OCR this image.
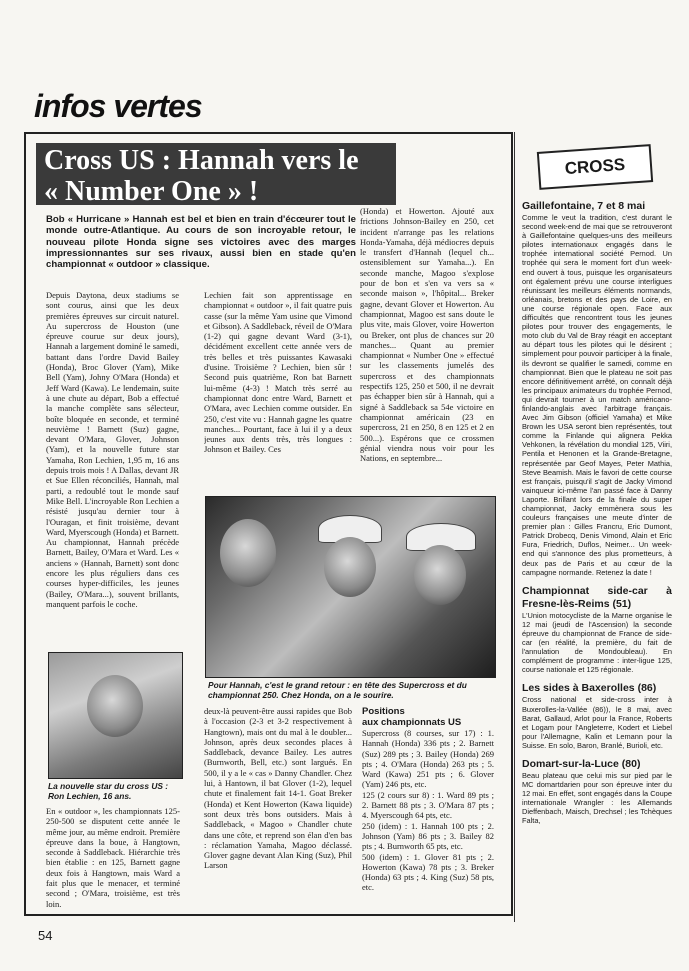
infos vertes
Cross US : Hannah vers le
« Number One » !
Bob « Hurricane » Hannah est bel et bien en train d'écœurer tout le monde outre-Atlantique. Au cours de son incroyable retour, le nouveau pilote Honda signe ses victoires avec des marges impressionnantes sur ses rivaux, aussi bien en stade qu'en championnat « outdoor » classique.
Depuis Daytona, deux stadiums se sont courus, ainsi que les deux premières épreuves sur circuit naturel. Au supercross de Houston (une épreuve courue sur deux jours), Hannah a largement dominé le samedi, battant dans l'ordre David Bailey (Honda), Broc Glover (Yam), Mike Bell (Yam), Johny O'Mara (Honda) et Jeff Ward (Kawa). Le lendemain, suite à une chute au départ, Bob a effectué la manche complète sans sélecteur, boîte bloquée en seconde, et terminé neuvième ! Barnett (Suz) gagne, devant O'Mara, Glover, Johnson (Yam), et la nouvelle future star Yamaha, Ron Lechien, 1,95 m, 16 ans depuis trois mois ! A Dallas, devant JR et Sue Ellen réconciliés, Hannah, mal parti, a redoublé tout le monde sauf Mike Bell. L'incroyable Ron Lechien a résisté jusqu'au dernier tour à l'Ouragan, et finit troisième, devant Ward, Myerscough (Honda) et Barnett. Au championnat, Hannah précède Barnett, Bailey, O'Mara et Ward. Les « anciens » (Hannah, Barnett) sont donc encore les plus réguliers dans ces courses hyper-difficiles, les jeunes (Bailey, O'Mara...), souvent brillants, manquent parfois le coche.
Lechien fait son apprentissage en championnat « outdoor », il fait quatre puis casse (sur la même Yam usine que Vimond et Gibson). A Saddleback, réveil de O'Mara (1-2) qui gagne devant Ward (3-1), décidément excellent cette année vers de très belles et très puissantes Kawasaki d'usine. Troisième ? Lechien, bien sûr ! Second puis quatrième, Ron bat Barnett lui-même (4-3) ! Match très serré au championnat donc entre Ward, Barnett et O'Mara, avec Lechien comme outsider. En 250, c'est vite vu : Hannah gagne les quatre manches... Pourtant, face à lui il y a deux jeunes aux dents très, très longues : Johnson et Bailey. Ces
(Honda) et Howerton. Ajouté aux frictions Johnson-Bailey en 250, cet incident n'arrange pas les relations Honda-Yamaha, déjà médiocres depuis le transfert d'Hannah (lequel ch... ostensiblement sur Yamaha...). En seconde manche, Magoo s'explose pour de bon et s'en va vers sa « seconde maison », l'hôpital... Breker gagne, devant Glover et Howerton. Au championnat, Magoo est sans doute le plus vite, mais Glover, voire Howerton ou Breker, ont plus de chances sur 20 manches... Quant au premier championnat « Number One » effectué sur les classements jumelés des supercross et des championnats respectifs 125, 250 et 500, il ne devrait pas échapper bien sûr à Hannah, qui a signé à Saddleback sa 54e victoire en championnat américain (23 en supercross, 21 en 250, 8 en 125 et 2 en 500...). Espérons que ce crossmen génial viendra nous voir pour les Nations, en septembre...
La nouvelle star du cross US : Ron Lechien, 16 ans.
En « outdoor », les championnats 125-250-500 se disputent cette année le même jour, au même endroit. Première épreuve dans la boue, à Hangtown, seconde à Saddleback. Hiérarchie très bien établie : en 125, Barnett gagne deux fois à Hangtown, mais Ward a fait plus que le menacer, et terminé second ; O'Mara, troisième, est très loin.
Pour Hannah, c'est le grand retour : en tête des Supercross et du championnat 250. Chez Honda, on a le sourire.
deux-là peuvent-être aussi rapides que Bob à l'occasion (2-3 et 3-2 respectivement à Hangtown), mais ont du mal à le doubler... Johnson, après deux secondes places à Saddleback, devance Bailey. Les autres (Burnworth, Bell, etc.) sont largués. En 500, il y a le « cas » Danny Chandler. Chez lui, à Hantown, il bat Glover (1-2), lequel chute et finalement fait 14-1. Goat Breker (Honda) et Kent Howerton (Kawa liquide) sont deux très bons outsiders. Mais à Saddleback, « Magoo » Chandler chute dans une côte, et reprend son élan d'en bas : réclamation Yamaha, Magoo déclassé. Glover gagne devant Alan King (Suz), Phil Larson
Positions
aux championnats US

Supercross (8 courses, sur 17) : 1. Hannah (Honda) 336 pts ; 2. Barnett (Suz) 289 pts ; 3. Bailey (Honda) 269 pts ; 4. O'Mara (Honda) 263 pts ; 5. Ward (Kawa) 251 pts ; 6. Glover (Yam) 246 pts, etc.

125 (2 cours sur 8) : 1. Ward 89 pts ; 2. Barnett 88 pts ; 3. O'Mara 87 pts ; 4. Myerscough 64 pts, etc.

250 (idem) : 1. Hannah 100 pts ; 2. Johnson (Yam) 86 pts ; 3. Bailey 82 pts ; 4. Burnworth 65 pts, etc.

500 (idem) : 1. Glover 81 pts ; 2. Howerton (Kawa) 78 pts ; 3. Breker (Honda) 63 pts ; 4. King (Suz) 58 pts, etc.

CROSS

Gaillefontaine, 7 et 8 mai

Comme le veut la tradition, c'est durant le second week-end de mai que se retrouveront à Gaillefontaine quelques-uns des meilleurs pilotes internationaux engagés dans le trophée international société Pernod. Un trophée qui sera le moment fort d'un week-end ouvert à tous, puisque les organisateurs ont également prévu une course interligues réunissant les meilleurs éléments normands, orléanais, bretons et des pays de Loire, en une course régionale open. Face aux difficultés que rencontrent tous les jeunes pilotes pour trouver des engagements, le moto club du Val de Bray réagit en acceptant au départ tous les pilotes qui le désirent ; simplement pour pouvoir participer à la finale, ils devront se qualifier le samedi, comme en championnat. Bien que le plateau ne soit pas encore définitivement arrêté, on connaît déjà les principaux animateurs du trophée Pernod, qui devrait tourner à un match américano-finlando-anglais avec l'arbitrage français. Avec Jim Gibson (officiel Yamaha) et Mike Brown les USA seront bien représentés, tout comme la Finlande qui alignera Pekka Vehkonen, la révélation du mondial 125, Viiri, Pentila et Henonen et la Grande-Bretagne, représentée par Geof Mayes, Peter Mathia, Steve Beamish. Mais le favori de cette course est français, puisqu'il s'agit de Jacky Vimond vainqueur ici-même l'an passé face à Danny Laporte. Brillant lors de la finale du super championnat, Jacky emmènera sous les couleurs françaises une meute d'inter de premier plan : Gilles Francru, Eric Dumont, Patrick Drobecq, Denis Vimond, Alain et Eric Fura, Friedrich, Duflos, Neimer... Un week-end qui s'annonce des plus prometteurs, à deux pas de Paris et au cœur de la campagne normande. Retenez la date !

Championnat side-car à Fresne-lès-Reims (51)

L'Union motocycliste de la Marne organise le 12 mai (jeudi de l'Ascension) la seconde épreuve du championnat de France de side-car (en réalité, la première, du fait de l'annulation de Mondoubleau). En complément de programme : inter-ligue 125, course nationale et 125 régionale.

Les sides à Baxerolles (86)

Cross national et side-cross inter à Buxerolles-la-Vallée (86)), le 8 mai, avec Barat, Gallaud, Arlot pour la France, Roberts et Logam pour l'Angleterre, Kodert et Liebel pour l'Allemagne, Kalin et Lemann pour la Suisse. En solo, Baron, Branlé, Burioli, etc.

Domart-sur-la-Luce (80)

Beau plateau que celui mis sur pied par le MC domartdarien pour son épreuve inter du 12 mai. En effet, sont engagés dans la Coupe internationale Wrangler : les Allemands Dieffenbach, Maisch, Drechsel ; les Tchèques Falta,

54
